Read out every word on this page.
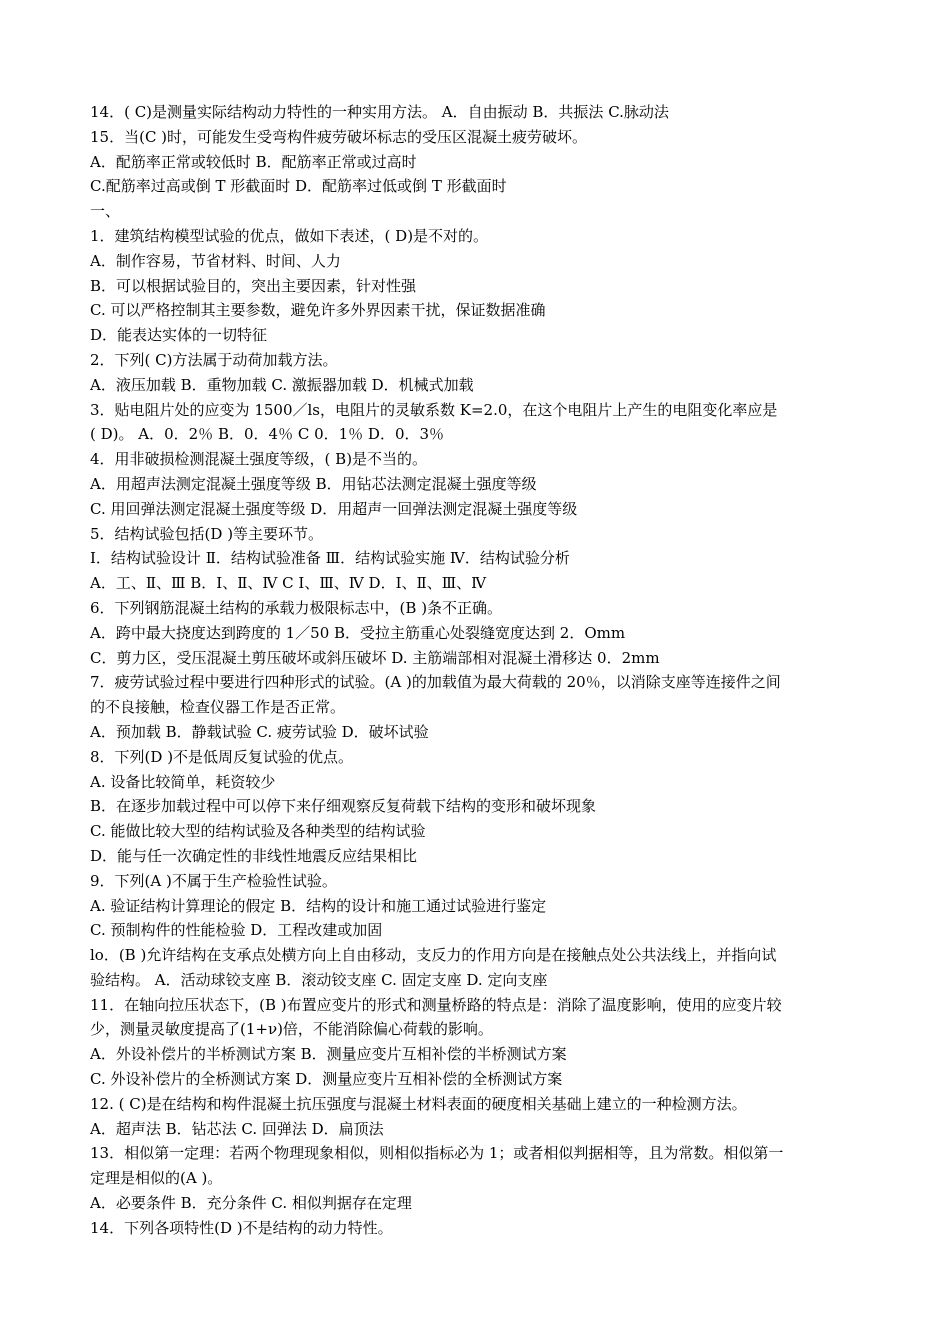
14．( C)是测量实际结构动力特性的一种实用方法。 A．自由振动 B．共振法 C.脉动法
15．当(C )时，可能发生受弯构件疲劳破坏标志的受压区混凝土疲劳破坏。
A．配筋率正常或较低时 B．配筋率正常或过高时
C.配筋率过高或倒 T 形截面时 D．配筋率过低或倒 T 形截面时
一、
1．建筑结构模型试验的优点，做如下表述，( D)是不对的。
A．制作容易，节省材料、时间、人力
B．可以根据试验目的，突出主要因素，针对性强
C. 可以严格控制其主要参数，避免许多外界因素干扰，保证数据准确
D．能表达实体的一切特征
2．下列( C)方法属于动荷加载方法。
A．液压加载 B．重物加载 C. 激振器加载 D．机械式加载
3．贴电阻片处的应变为 1500／ls，电阻片的灵敏系数 K=2.0，在这个电阻片上产生的电阻变化率应是
( D)。 A．0．2％ B．0．4％ C 0．1％ D．0．3％
4．用非破损检测混凝土强度等级，( B)是不当的。
A．用超声法测定混凝土强度等级 B．用钻芯法测定混凝土强度等级
C. 用回弹法测定混凝土强度等级 D．用超声一回弹法测定混凝土强度等级
5．结构试验包括(D )等主要环节。
I．结构试验设计 Ⅱ．结构试验准备 Ⅲ．结构试验实施 Ⅳ．结构试验分析
A．工、Ⅱ、Ⅲ B．I、Ⅱ、Ⅳ C I、Ⅲ、Ⅳ D．I、Ⅱ、Ⅲ、Ⅳ
6．下列钢筋混凝土结构的承载力极限标志中，(B )条不正确。
A．跨中最大挠度达到跨度的 1／50 B．受拉主筋重心处裂缝宽度达到 2．Omm
C．剪力区，受压混凝土剪压破坏或斜压破坏 D. 主筋端部相对混凝土滑移达 0．2mm
7．疲劳试验过程中要进行四种形式的试验。(A )的加载值为最大荷载的 20％，以消除支座等连接件之间
的不良接触，检查仪器工作是否正常。
A．预加载 B．静载试验 C. 疲劳试验 D．破坏试验
8．下列(D )不是低周反复试验的优点。
A. 设备比较简单，耗资较少
B．在逐步加载过程中可以停下来仔细观察反复荷载下结构的变形和破坏现象
C. 能做比较大型的结构试验及各种类型的结构试验
D．能与任一次确定性的非线性地震反应结果相比
9．下列(A )不属于生产检验性试验。
A. 验证结构计算理论的假定 B．结构的设计和施工通过试验进行鉴定
C. 预制构件的性能检验 D．工程改建或加固
lo．(B )允许结构在支承点处横方向上自由移动，支反力的作用方向是在接触点处公共法线上，并指向试
验结构。 A．活动球铰支座 B．滚动铰支座 C. 固定支座 D. 定向支座
11．在轴向拉压状态下，(B )布置应变片的形式和测量桥路的特点是：消除了温度影响，使用的应变片较
少，测量灵敏度提高了(1+ν)倍，不能消除偏心荷载的影响。
A．外设补偿片的半桥测试方案 B．测量应变片互相补偿的半桥测试方案
C. 外设补偿片的全桥测试方案 D．测量应变片互相补偿的全桥测试方案
12. ( C)是在结构和构件混凝土抗压强度与混凝土材料表面的硬度相关基础上建立的一种检测方法。
A．超声法 B．钻芯法 C. 回弹法 D．扁顶法
13．相似第一定理：若两个物理现象相似，则相似指标必为 1；或者相似判据相等，且为常数。相似第一
定理是相似的(A )。
A．必要条件 B．充分条件 C. 相似判据存在定理
14．下列各项特性(D )不是结构的动力特性。
